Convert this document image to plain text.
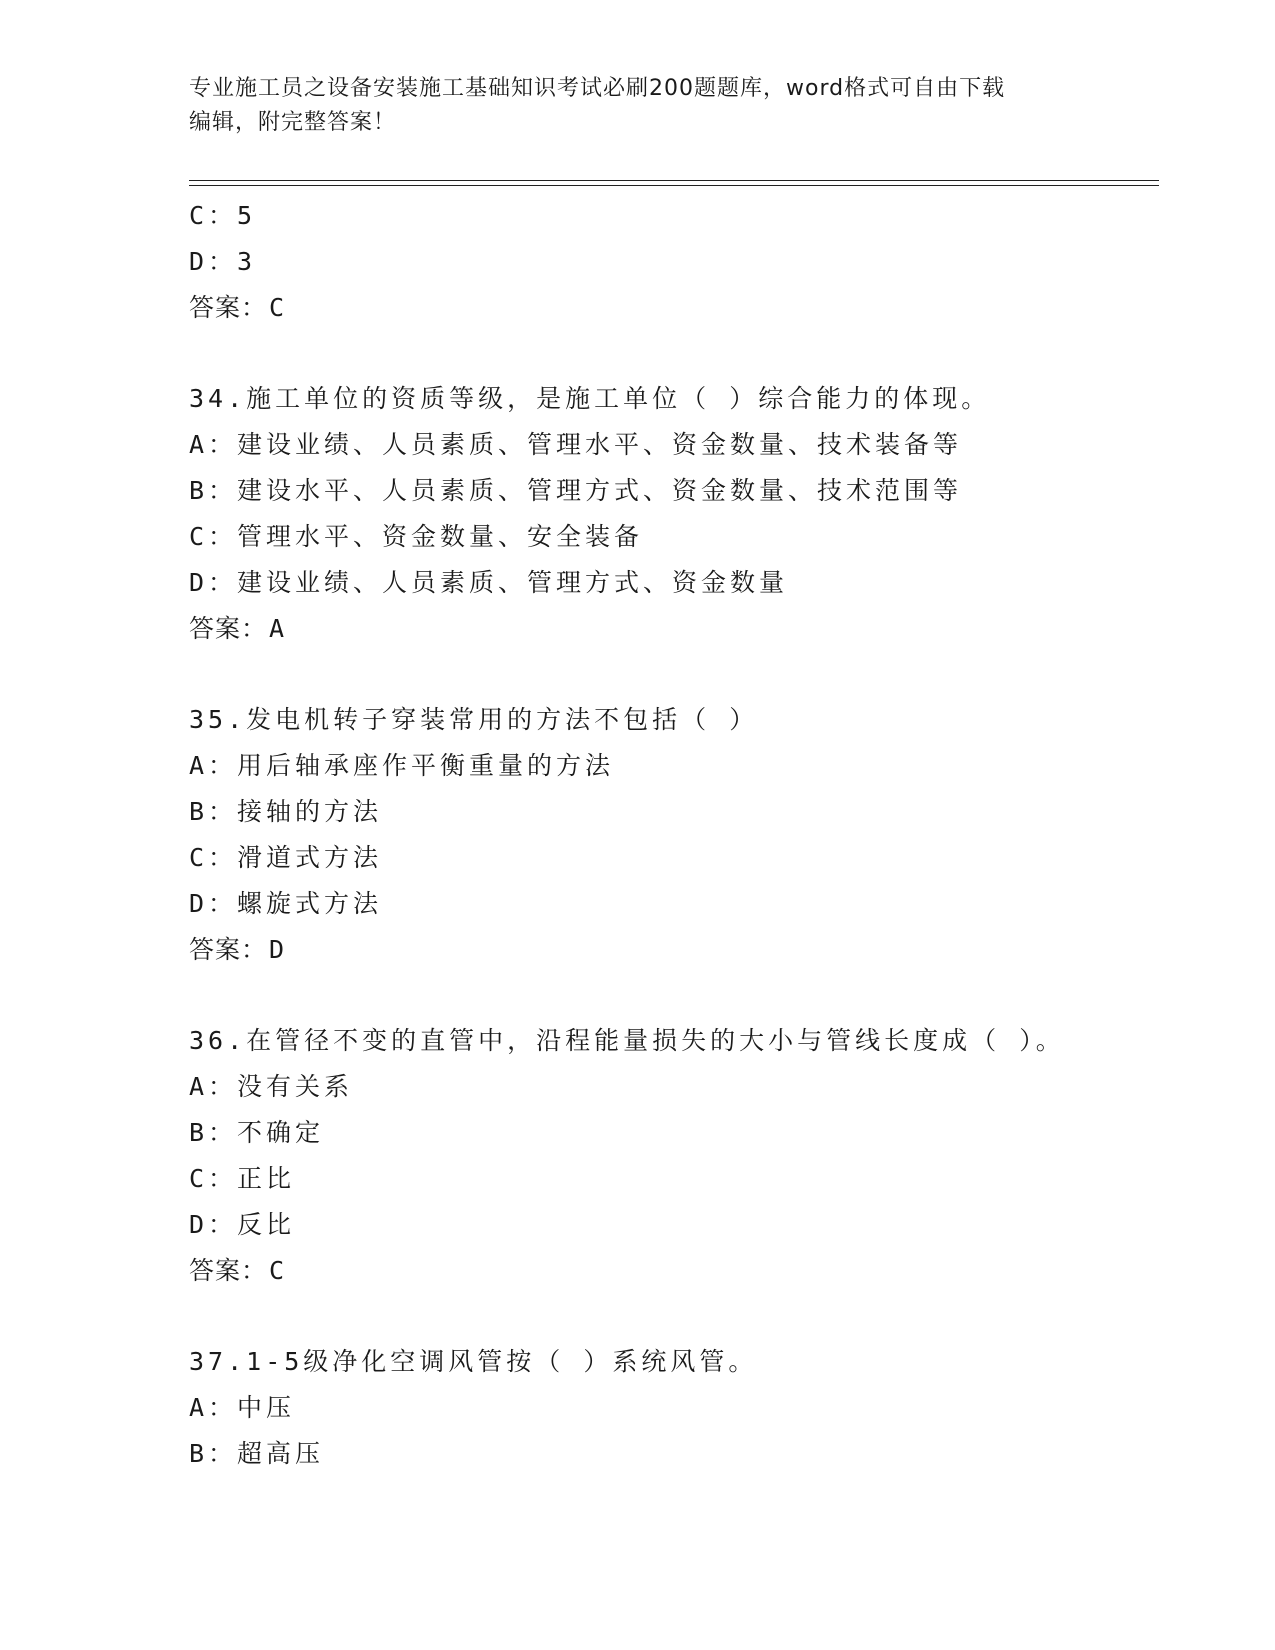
专业施工员之设备安装施工基础知识考试必刷200题题库，word格式可自由下载
编辑，附完整答案！
C：5
D：3
答案：C
34.施工单位的资质等级，是施工单位（ ）综合能力的体现。
A：建设业绩、人员素质、管理水平、资金数量、技术装备等
B：建设水平、人员素质、管理方式、资金数量、技术范围等
C：管理水平、资金数量、安全装备
D：建设业绩、人员素质、管理方式、资金数量
答案：A
35.发电机转子穿装常用的方法不包括（ ）
A：用后轴承座作平衡重量的方法
B：接轴的方法
C：滑道式方法
D：螺旋式方法
答案：D
36.在管径不变的直管中，沿程能量损失的大小与管线长度成（ ）。
A：没有关系
B：不确定
C：正比
D：反比
答案：C
37.1-5级净化空调风管按（ ）系统风管。
A：中压
B：超高压
